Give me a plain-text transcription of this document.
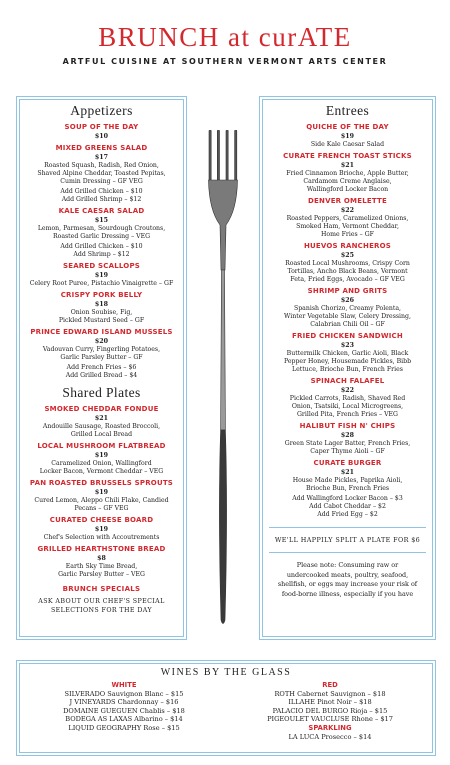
BRUNCH at curATE
ARTFUL CUISINE AT SOUTHERN VERMONT ARTS CENTER
Appetizers
SOUP OF THE DAY
$10
MIXED GREENS SALAD
$17
Roasted Squash, Radish, Red Onion,
Shaved Alpine Cheddar, Toasted Pepitas,
Cumin Dressing – GF VEG
Add Grilled Chicken – $10
Add Grilled Shrimp – $12
KALE CAESAR SALAD
$15
Lemon, Parmesan, Sourdough Croutons,
Roasted Garlic Dressing – VEG
Add Grilled Chicken – $10
Add Shrimp – $12
SEARED SCALLOPS
$19
Celery Root Puree, Pistachio Vinaigrette – GF
CRISPY PORK BELLY
$18
Onion Soubise, Fig,
Pickled Mustard Seed – GF
PRINCE EDWARD ISLAND MUSSELS
$20
Vadouvan Curry, Fingerling Potatoes,
Garlic Parsley Butter – GF
Add French Fries – $6
Add Grilled Bread – $4
Shared Plates
SMOKED CHEDDAR FONDUE
$21
Andouille Sausage, Roasted Broccoli,
Grilled Local Bread
LOCAL MUSHROOM FLATBREAD
$19
Caramelized Onion, Wallingford
Locker Bacon, Vermont Cheddar – VEG
PAN ROASTED BRUSSELS SPROUTS
$19
Cured Lemon, Aleppo Chili Flake, Candied
Pecans – GF VEG
CURATED CHEESE BOARD
$19
Chef's Selection with Accoutrements
GRILLED HEARTHSTONE BREAD
$8
Earth Sky Time Bread,
Garlic Parsley Butter – VEG
BRUNCH SPECIALS
ASK ABOUT OUR CHEF'S SPECIAL
SELECTIONS FOR THE DAY
Entrees
QUICHE OF THE DAY
$19
Side Kale Caesar Salad
CURATE FRENCH TOAST STICKS
$21
Fried Cinnamon Brioche, Apple Butter,
Cardamom Creme Anglaise,
Wallingford Locker Bacon
DENVER OMELETTE
$22
Roasted Peppers, Caramelized Onions,
Smoked Ham, Vermont Cheddar,
Home Fries – GF
HUEVOS RANCHEROS
$25
Roasted Local Mushrooms, Crispy Corn
Tortillas, Ancho Black Beans, Vermont
Feta, Fried Eggs, Avocado – GF VEG
SHRIMP AND GRITS
$26
Spanish Chorizo, Creamy Polenta,
Winter Vegetable Slaw, Celery Dressing,
Calabrian Chili Oil – GF
FRIED CHICKEN SANDWICH
$23
Buttermilk Chicken, Garlic Aioli, Black
Pepper Honey, Housemade Pickles, Bibb
Lettuce, Brioche Bun, French Fries
SPINACH FALAFEL
$22
Pickled Carrots, Radish, Shaved Red
Onion, Tsatsiki, Local Microgreens,
Grilled Pita, French Fries – VEG
HALIBUT FISH N' CHIPS
$28
Green State Lager Batter, French Fries,
Caper Thyme Aioli – GF
CURATE BURGER
$21
House Made Pickles, Paprika Aioli,
Brioche Bun, French Fries
Add Wallingford Locker Bacon – $3
Add Cabot Cheddar – $2
Add Fried Egg – $2
WE'LL HAPPILY SPLIT A PLATE FOR $6
Please note: Consuming raw or
undercooked meats, poultry, seafood,
shellfish, or eggs may increase your risk of
food-borne illness, especially if you have
WINES BY THE GLASS
WHITE
SILVERADO Sauvignon Blanc – $15
J VINEYARDS Chardonnay – $16
DOMAINE GUEGUEN Chablis – $18
BODEGA AS LAXAS Albarino – $14
LIQUID GEOGRAPHY Rose – $15
RED
ROTH Cabernet Sauvignon – $18
ILLAHE Pinot Noir – $18
PALACIO DEL BURGO Rioja – $15
PIGEOULET VAUCLUSE Rhone – $17
SPARKLING
LA LUCA Prosecco – $14
